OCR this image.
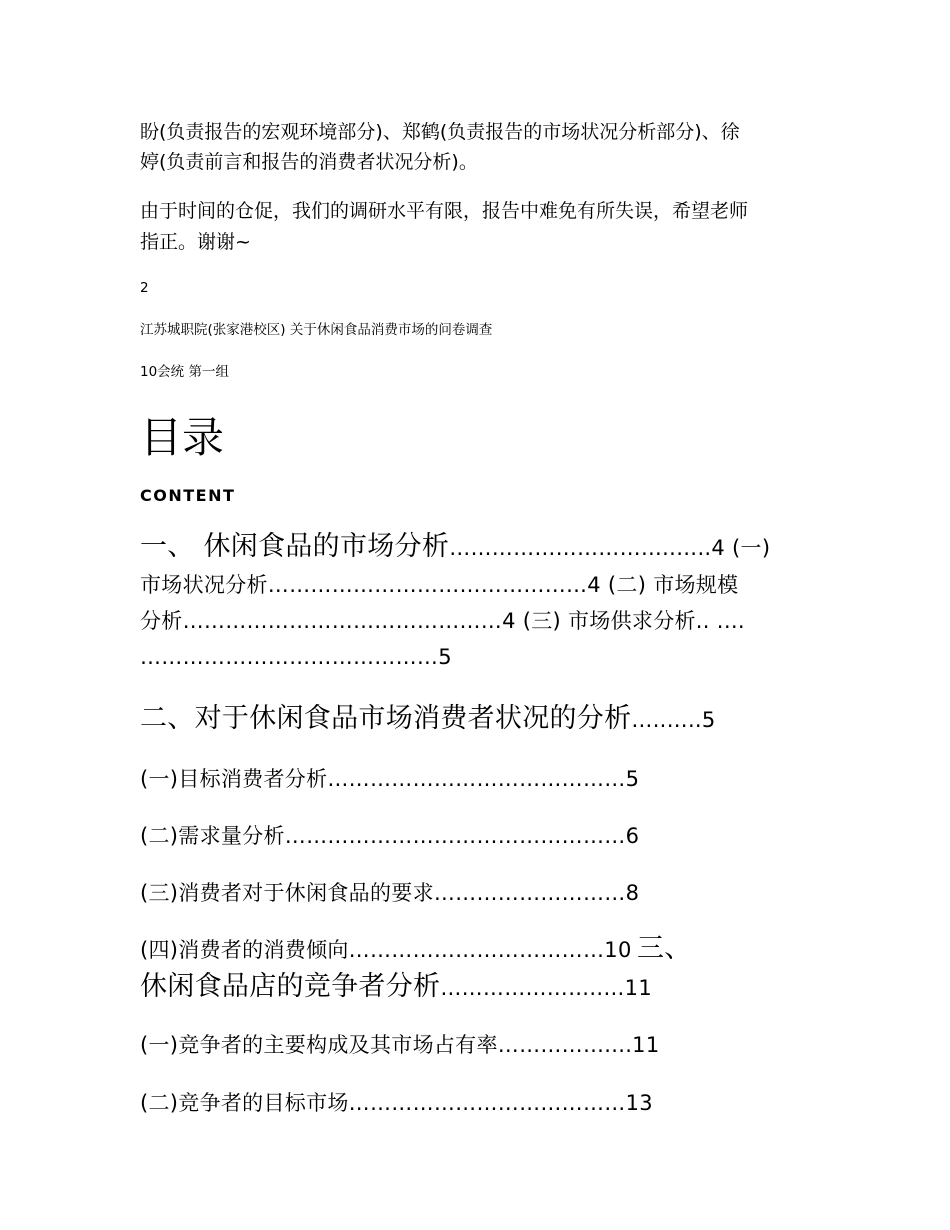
盼(负责报告的宏观环境部分)、郑鹤(负责报告的市场状况分析部分)、徐
婷(负责前言和报告的消费者状况分析)。
由于时间的仓促，我们的调研水平有限，报告中难免有所失误，希望老师
指正。谢谢~
2
江苏城职院(张家港校区) 关于休闲食品消费市场的问卷调查
10会统 第一组
目录
CONTENT
一、 休闲食品的市场分析…………………………..…..4 (一)
市场状况分析………………………………………4 (二) 市场规模
分析………………………………………4 (三) 市场供求分析.. .…
……………………………………5
二、对于休闲食品市场消费者状况的分析…..…..5
(一)目标消费者分析……………………………………5
(二)需求量分析…………………………………………6
(三)消费者对于休闲食品的要求………………………8
(四)消费者的消费倾向………………………………10 三、
休闲食品店的竞争者分析…………………..…11
(一)竞争者的主要构成及其市场占有率……………....11
(二)竞争者的目标市场…………………………………13
